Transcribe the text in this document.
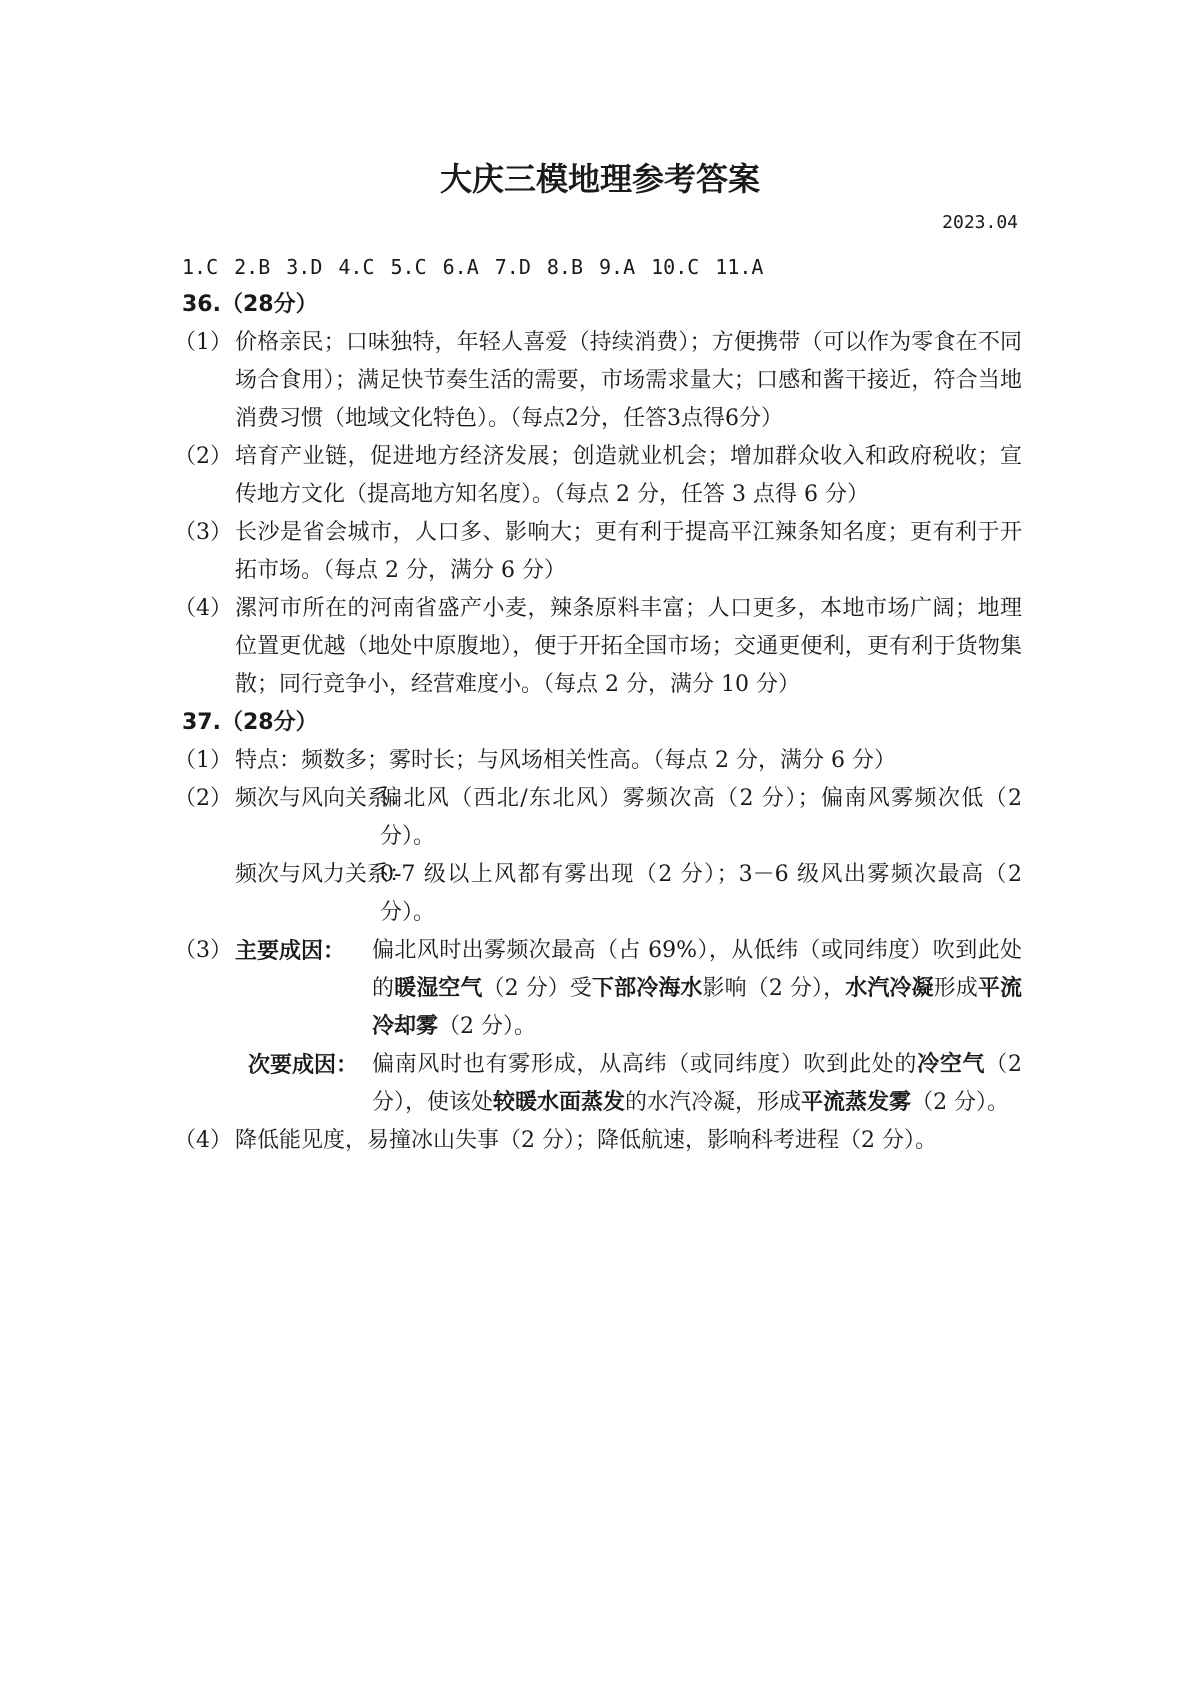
大庆三模地理参考答案
2023.04
1.C 2.B 3.D 4.C 5.C 6.A 7.D 8.B 9.A 10.C 11.A
36.（28分）
（1） 价格亲民；口味独特，年轻人喜爱（持续消费）；方便携带（可以作为零食在不同场合食用）；满足快节奏生活的需要，市场需求量大；口感和酱干接近，符合当地消费习惯（地域文化特色）。（每点2分，任答3点得6分）
（2） 培育产业链，促进地方经济发展；创造就业机会；增加群众收入和政府税收；宣传地方文化（提高地方知名度）。（每点 2 分，任答 3 点得 6 分）
（3） 长沙是省会城市，人口多、影响大；更有利于提高平江辣条知名度；更有利于开拓市场。（每点 2 分，满分 6 分）
（4） 漯河市所在的河南省盛产小麦，辣条原料丰富；人口更多，本地市场广阔；地理位置更优越（地处中原腹地），便于开拓全国市场；交通更便利，更有利于货物集散；同行竞争小，经营难度小。（每点 2 分，满分 10 分）
37.（28分）
（1） 特点：频数多；雾时长；与风场相关性高。（每点 2 分，满分 6 分）
（2） 频次与风向关系：
偏北风（西北/东北风）雾频次高（2 分）；偏南风雾频次低（2 分）。
频次与风力关系：
0-7 级以上风都有雾出现（2 分）；3－6 级风出雾频次最高（2 分）。
（3） 主要成因： 偏北风时出雾频次最高（占 69%），从低纬（或同纬度）吹到此处的暖湿空气（2 分）受下部冷海水影响（2 分），水汽冷凝形成平流冷却雾（2 分）。
次要成因： 偏南风时也有雾形成，从高纬（或同纬度）吹到此处的冷空气（2 分），使该处较暖水面蒸发的水汽冷凝，形成平流蒸发雾（2 分）。
（4） 降低能见度，易撞冰山失事（2 分）；降低航速，影响科考进程（2 分）。
